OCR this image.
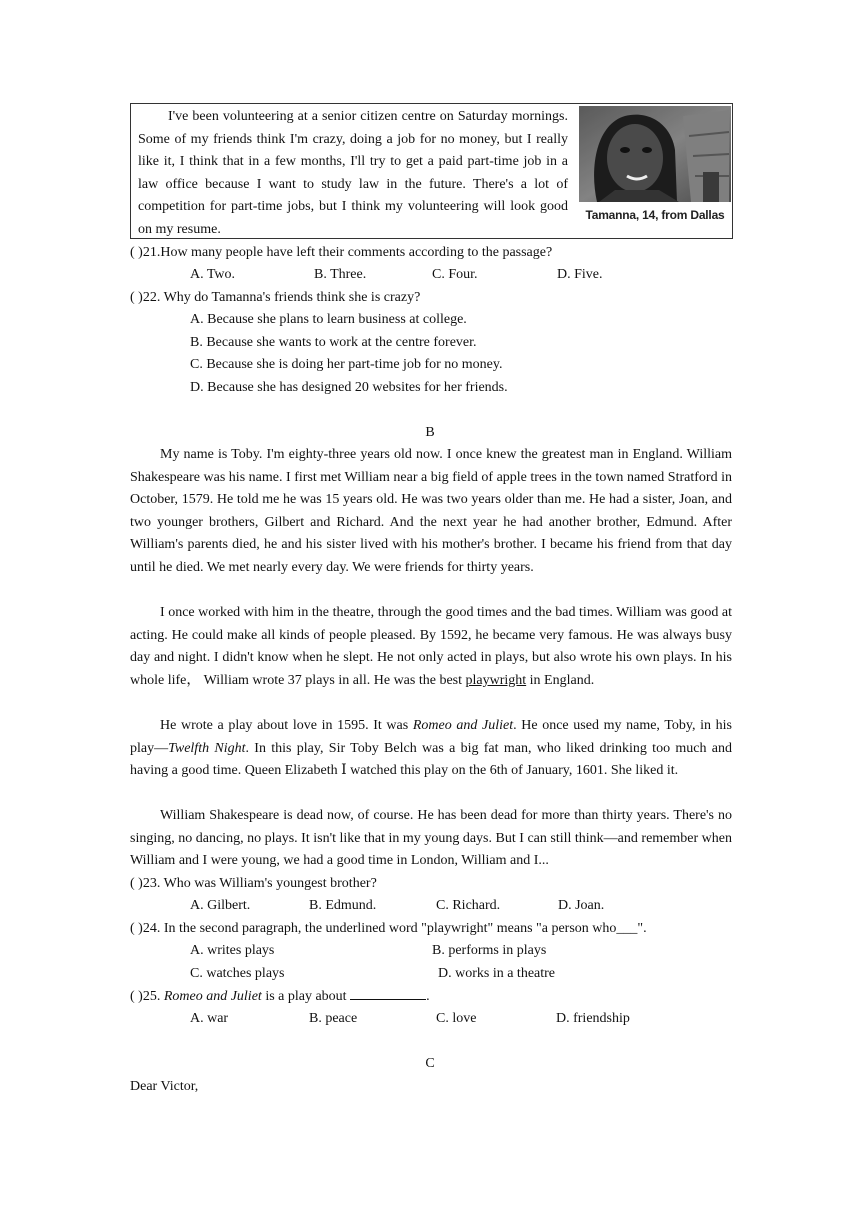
I've been volunteering at a senior citizen centre on Saturday mornings. Some of my friends think I'm crazy, doing a job for no money, but I really like it, I think that in a few months, I'll try to get a paid part-time job in a law office because I want to study law in the future. There's a lot of competition for part-time jobs, but I think my volunteering will look good on my resume.

Tamanna, 14, from Dallas
( )21.How many people have left their comments according to the passage?
A. Two.	B. Three.	C. Four.	D. Five.
( )22. Why do Tamanna's friends think she is crazy?
A. Because she plans to learn business at college.
B. Because she wants to work at the centre forever.
C. Because she is doing her part-time job for no money.
D. Because she has designed 20 websites for her friends.
B

My name is Toby. I'm eighty-three years old now. I once knew the greatest man in England. William Shakespeare was his name. I first met William near a big field of apple trees in the town named Stratford in October, 1579. He told me he was 15 years old. He was two years older than me. He had a sister, Joan, and two younger brothers, Gilbert and Richard. And the next year he had another brother, Edmund. After William's parents died, he and his sister lived with his mother's brother. I became his friend from that day until he died. We met nearly every day. We were friends for thirty years.

I once worked with him in the theatre, through the good times and the bad times. William was good at acting. He could make all kinds of people pleased. By 1592, he became very famous. He was always busy day and night. I didn't know when he slept. He not only acted in plays, but also wrote his own plays. In his whole life， William wrote 37 plays in all. He was the best playwright in England.

He wrote a play about love in 1595. It was Romeo and Juliet. He once used my name, Toby, in his play—Twelfth Night. In this play, Sir Toby Belch was a big fat man, who liked drinking too much and having a good time. Queen Elizabeth Ⅰ watched this play on the 6th of January, 1601. She liked it.

William Shakespeare is dead now, of course. He has been dead for more than thirty years. There's no singing, no dancing, no plays. It isn't like that in my young days. But I can still think—and remember when William and I were young, we had a good time in London, William and I...

( )23. Who was William's youngest brother?
A. Gilbert.	B. Edmund.	C. Richard.	D. Joan.
( )24. In the second paragraph, the underlined word "playwright" means "a person who___".
A. writes plays	B. performs in plays
C. watches plays	D. works in a theatre
( )25. Romeo and Juliet is a play about	.
A. war	B. peace	C. love	D. friendship
C
Dear Victor,
